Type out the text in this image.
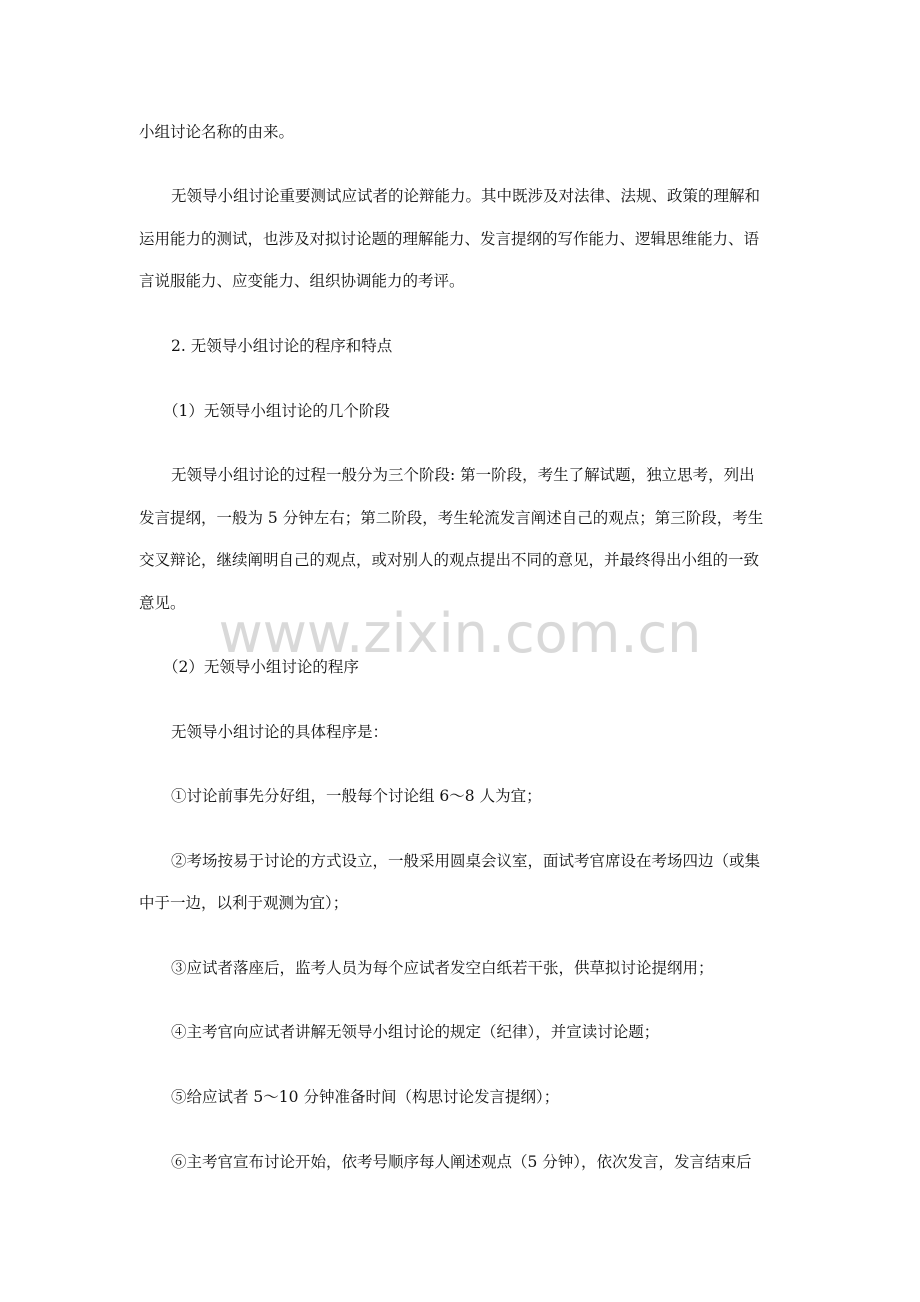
小组讨论名称的由来。
无领导小组讨论重要测试应试者的论辩能力。其中既涉及对法律、法规、政策的理解和
运用能力的测试，也涉及对拟讨论题的理解能力、发言提纲的写作能力、逻辑思维能力、语
言说服能力、应变能力、组织协调能力的考评。
2. 无领导小组讨论的程序和特点
（1）无领导小组讨论的几个阶段
无领导小组讨论的过程一般分为三个阶段: 第一阶段，考生了解试题，独立思考，列出
发言提纲，一般为 5 分钟左右；第二阶段，考生轮流发言阐述自己的观点；第三阶段，考生
交叉辩论，继续阐明自己的观点，或对别人的观点提出不同的意见，并最终得出小组的一致
意见。 www.zixin.com.cn
（2）无领导小组讨论的程序
无领导小组讨论的具体程序是：
①讨论前事先分好组，一般每个讨论组 6～8 人为宜；
②考场按易于讨论的方式设立，一般采用圆桌会议室，面试考官席设在考场四边（或集
中于一边，以利于观测为宜）；
③应试者落座后，监考人员为每个应试者发空白纸若干张，供草拟讨论提纲用；
④主考官向应试者讲解无领导小组讨论的规定（纪律），并宣读讨论题；
⑤给应试者 5～10 分钟准备时间（构思讨论发言提纲）；
⑥主考官宣布讨论开始，依考号顺序每人阐述观点（5 分钟），依次发言，发言结束后
